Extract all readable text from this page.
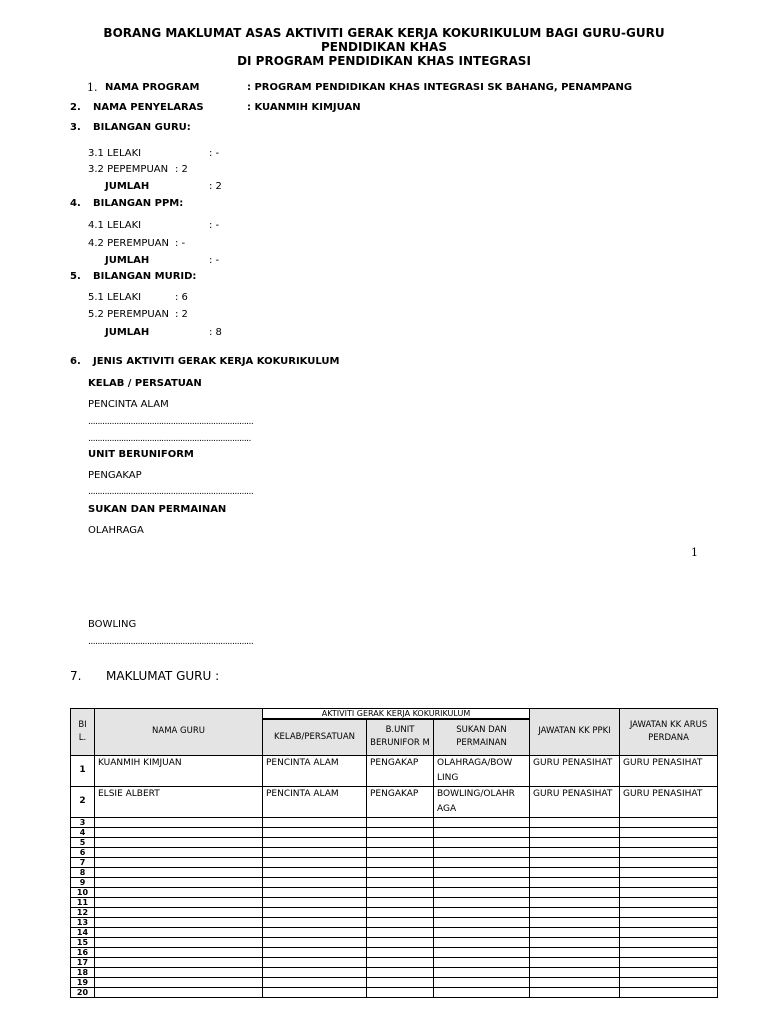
BORANG MAKLUMAT ASAS AKTIVITI GERAK KERJA KOKURIKULUM BAGI GURU-GURU
PENDIDIKAN KHAS
DI PROGRAM PENDIDIKAN KHAS INTEGRASI
1. NAMA PROGRAM	: PROGRAM PENDIDIKAN KHAS INTEGRASI SK BAHANG, PENAMPANG
2. NAMA PENYELARAS	: KUANMIH KIMJUAN
3. BILANGAN GURU:
3.1 LELAKI	: -
3.2 PEPEMPUAN : 2
JUMLAH	: 2
4. BILANGAN PPM:
4.1 LELAKI	: -
4.2 PEREMPUAN : -
JUMLAH	: -
5. BILANGAN MURID:
5.1 LELAKI	: 6
5.2 PEREMPUAN : 2
JUMLAH	: 8
6. JENIS AKTIVITI GERAK KERJA KOKURIKULUM
KELAB / PERSATUAN
PENCINTA ALAM
......................................................................
.....................................................................
UNIT BERUNIFORM
PENGAKAP
......................................................................
SUKAN DAN PERMAINAN
OLAHRAGA
1
BOWLING
......................................................................
7. MAKLUMAT GURU :
BI L.	NAMA GURU	AKTIVITI GERAK KERJA KOKURIKULUM			JAWATAN KK PPKI	JAWATAN KK ARUS PERDANA
		KELAB/PERSATUAN	B.UNIT BERUNIFOR M	SUKAN DAN PERMAINAN		
1	KUANMIH KIMJUAN	PENCINTA ALAM	PENGAKAP	OLAHRAGA/BOW LING	GURU PENASIHAT	GURU PENASIHAT
2	ELSIE ALBERT	PENCINTA ALAM	PENGAKAP	BOWLING/OLAHR AGA	GURU PENASIHAT	GURU PENASIHAT
3						
4						
5						
6						
7						
8						
9						
10						
11						
12						
13						
14						
15						
16						
17						
18						
19						
20						
